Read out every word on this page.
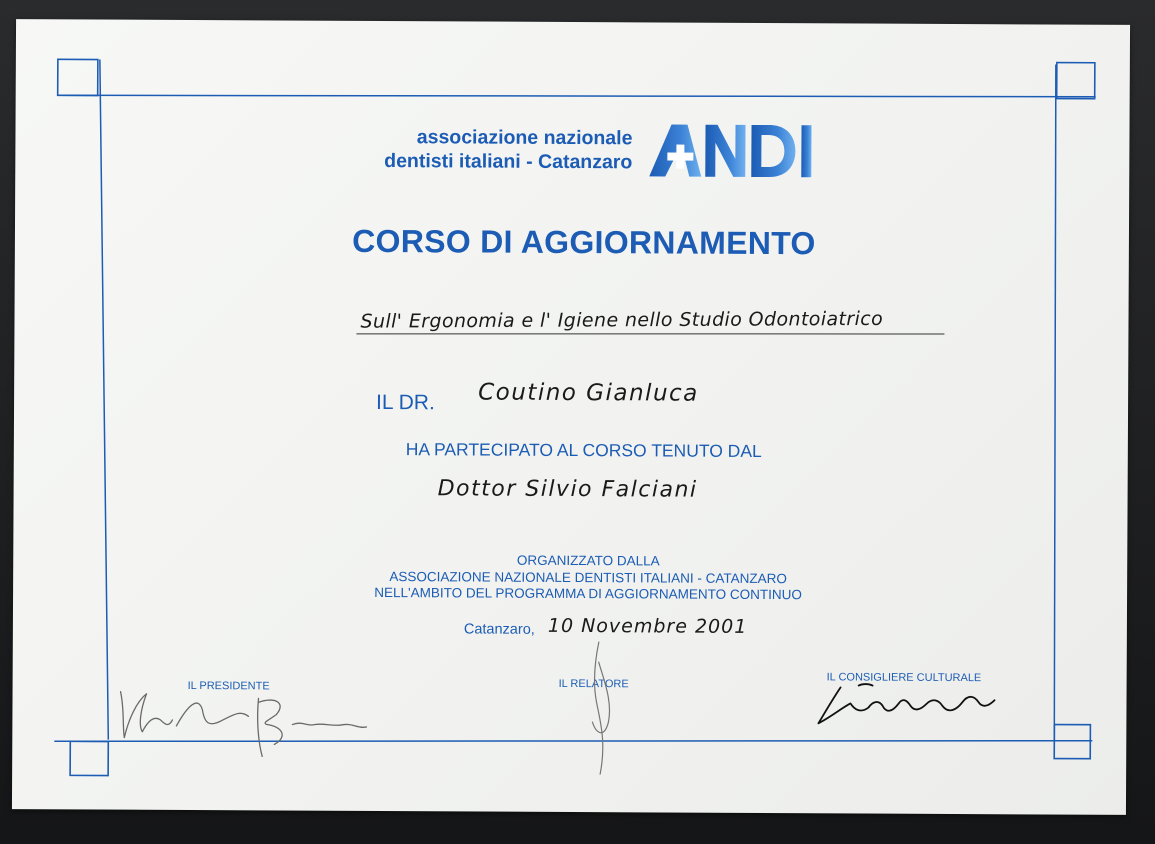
associazione nazionale
dentisti italiani - Catanzaro
CORSO DI AGGIORNAMENTO
Sull' Ergonomia e l' Igiene nello Studio Odontoiatrico
IL DR. Coutino Gianluca
HA PARTECIPATO AL CORSO TENUTO DAL
Dottor Silvio Falciani
ORGANIZZATO DALLA
ASSOCIAZIONE NAZIONALE DENTISTI ITALIANI - CATANZARO
NELL'AMBITO DEL PROGRAMMA DI AGGIORNAMENTO CONTINUO
Catanzaro, 10 Novembre 2001
IL PRESIDENTE	IL RELATORE	IL CONSIGLIERE CULTURALE
